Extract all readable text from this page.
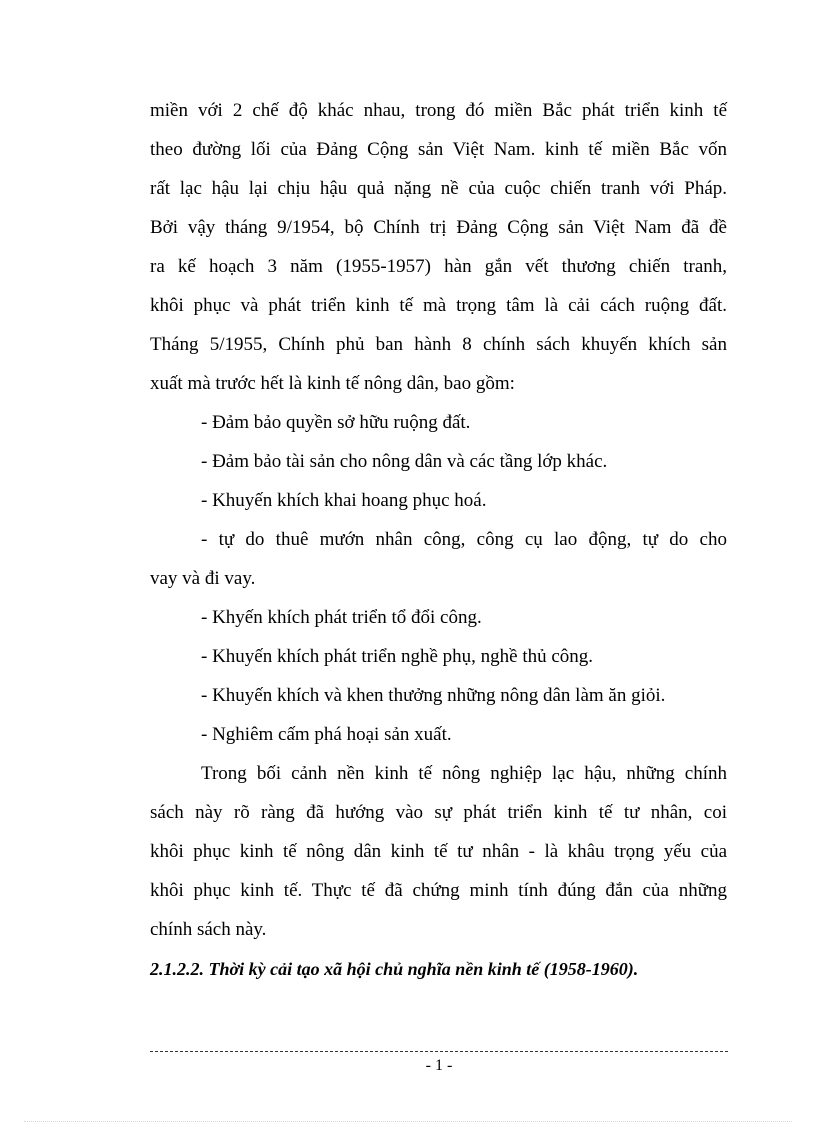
miền với 2 chế độ khác nhau, trong đó miền Bắc phát triển kinh tế
theo đường lối của Đảng Cộng sản Việt Nam. kinh tế miền Bắc vốn
rất lạc hậu lại chịu hậu quả nặng nề của cuộc chiến tranh với Pháp.
Bởi vậy tháng 9/1954, bộ Chính trị Đảng Cộng sản Việt Nam đã đề
ra kế hoạch 3 năm (1955-1957) hàn gắn vết thương chiến tranh,
khôi phục và phát triển kinh tế mà trọng tâm là cải cách ruộng đất.
Tháng 5/1955, Chính phủ ban hành 8 chính sách khuyến khích sản
xuất mà trước hết là kinh tế nông dân, bao gồm:
- Đảm bảo quyền sở hữu ruộng đất.
- Đảm bảo tài sản cho nông dân và các tầng lớp khác.
- Khuyến khích khai hoang phục hoá.
- tự do thuê mướn nhân công, công cụ lao động, tự do cho
vay và đi vay.
- Khyến khích phát triển tổ đổi công.
- Khuyến khích phát triển nghề phụ, nghề thủ công.
- Khuyến khích và khen thưởng những nông dân làm ăn giỏi.
- Nghiêm cấm phá hoại sản xuất.
Trong bối cảnh nền kinh tế nông nghiệp lạc hậu, những chính
sách này rõ ràng đã hướng vào sự phát triển kinh tế tư nhân, coi
khôi phục kinh tế nông dân kinh tế tư nhân - là khâu trọng yếu của
khôi phục kinh tế. Thực tế đã chứng minh tính đúng đắn của những
chính sách này.
2.1.2.2. Thời kỳ cải tạo xã hội chủ nghĩa nền kinh tế (1958-1960).
- 1 -
